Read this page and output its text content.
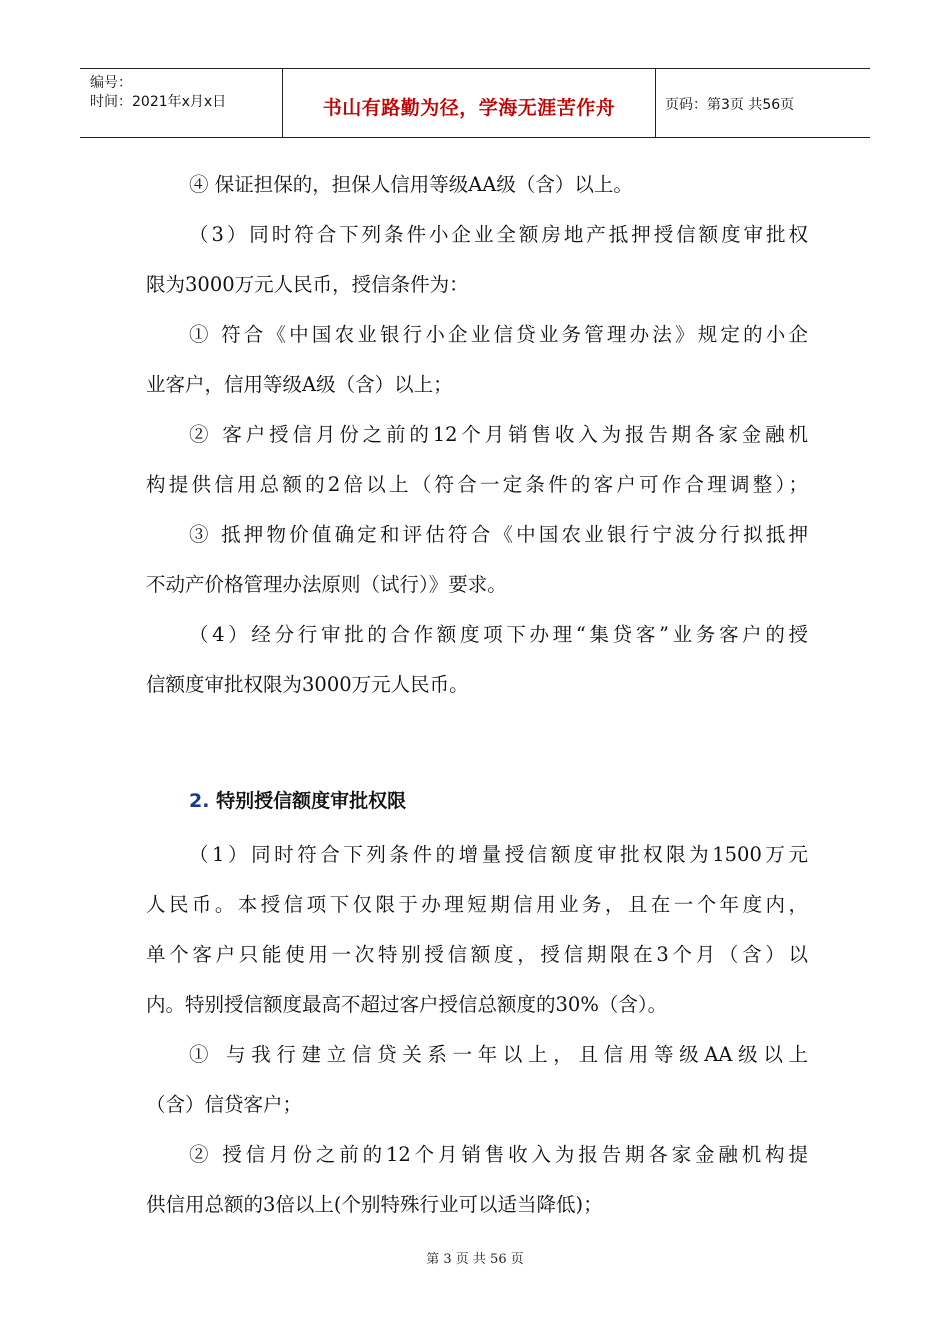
编号：
时间：2021年x月x日	书山有路勤为径，学海无涯苦作舟	页码：第3页 共56页
④ 保证担保的，担保人信用等级AA级（含）以上。
（3）同时符合下列条件小企业全额房地产抵押授信额度审批权
限为3000万元人民币，授信条件为：
① 符合《中国农业银行小企业信贷业务管理办法》规定的小企
业客户，信用等级A级（含）以上；
② 客户授信月份之前的12个月销售收入为报告期各家金融机
构提供信用总额的2倍以上（符合一定条件的客户可作合理调整）；
③ 抵押物价值确定和评估符合《中国农业银行宁波分行拟抵押
不动产价格管理办法原则（试行）》要求。
（4）经分行审批的合作额度项下办理“集贷客”业务客户的授
信额度审批权限为3000万元人民币。
2. 特别授信额度审批权限
（1）同时符合下列条件的增量授信额度审批权限为1500万元
人民币。本授信项下仅限于办理短期信用业务，且在一个年度内，
单个客户只能使用一次特别授信额度，授信期限在3个月（含）以
内。特别授信额度最高不超过客户授信总额度的30%（含）。
① 与我行建立信贷关系一年以上，且信用等级AA级以上
（含）信贷客户；
② 授信月份之前的12个月销售收入为报告期各家金融机构提
供信用总额的3倍以上(个别特殊行业可以适当降低)；
第 3 页 共 56 页
